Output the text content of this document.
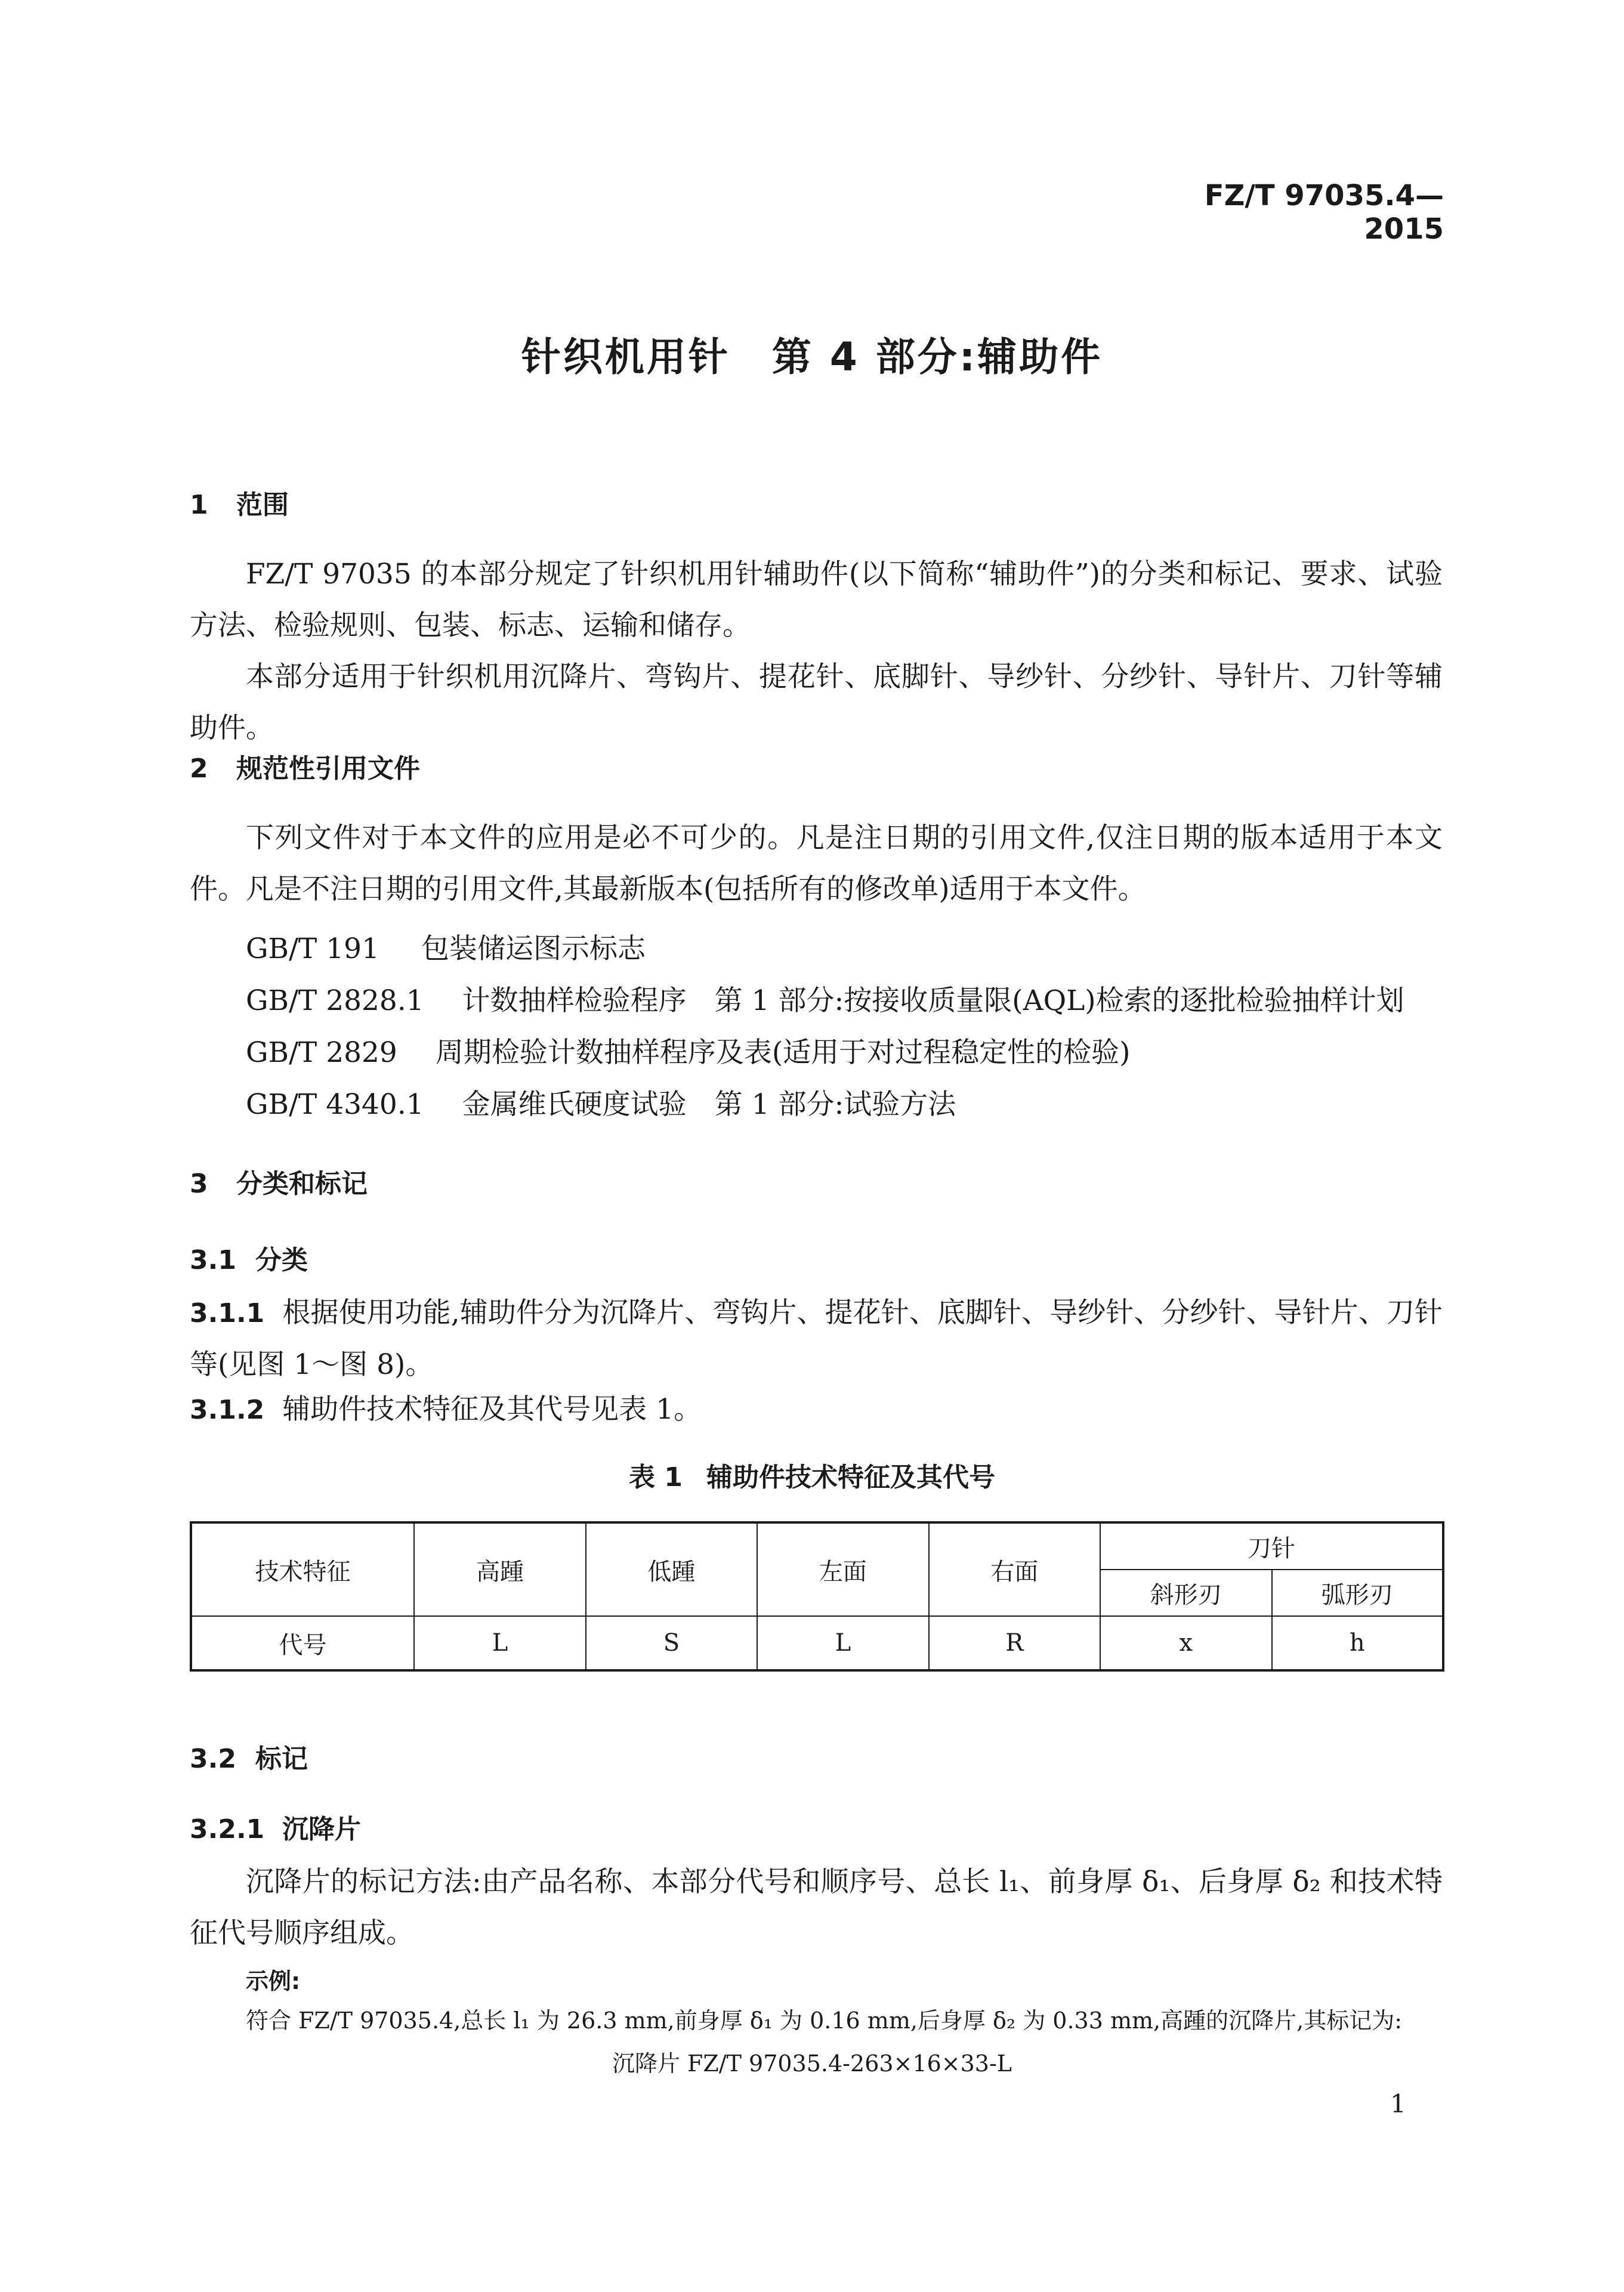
FZ/T 97035.4—2015
针织机用针　第 4 部分:辅助件
1 范围
FZ/T 97035 的本部分规定了针织机用针辅助件(以下简称“辅助件”)的分类和标记、要求、试验方法、检验规则、包装、标志、运输和储存。
本部分适用于针织机用沉降片、弯钩片、提花针、底脚针、导纱针、分纱针、导针片、刀针等辅助件。
2 规范性引用文件
下列文件对于本文件的应用是必不可少的。凡是注日期的引用文件,仅注日期的版本适用于本文件。凡是不注日期的引用文件,其最新版本(包括所有的修改单)适用于本文件。
GB/T 191 包装储运图示标志
GB/T 2828.1 计数抽样检验程序　第 1 部分:按接收质量限(AQL)检索的逐批检验抽样计划
GB/T 2829 周期检验计数抽样程序及表(适用于对过程稳定性的检验)
GB/T 4340.1 金属维氏硬度试验　第 1 部分:试验方法
3 分类和标记
3.1 分类
3.1.1 根据使用功能,辅助件分为沉降片、弯钩片、提花针、底脚针、导纱针、分纱针、导针片、刀针等(见图 1～图 8)。
3.1.2 辅助件技术特征及其代号见表 1。
表 1 辅助件技术特征及其代号
技术特征	高踵	低踵	左面	右面	刀针	
					斜形刃	弧形刃
代号	L	S	L	R	x	h
3.2 标记
3.2.1 沉降片
沉降片的标记方法:由产品名称、本部分代号和顺序号、总长 l₁、前身厚 δ₁、后身厚 δ₂ 和技术特征代号顺序组成。
示例:
符合 FZ/T 97035.4,总长 l₁ 为 26.3 mm,前身厚 δ₁ 为 0.16 mm,后身厚 δ₂ 为 0.33 mm,高踵的沉降片,其标记为:
沉降片 FZ/T 97035.4-263×16×33-L
1
